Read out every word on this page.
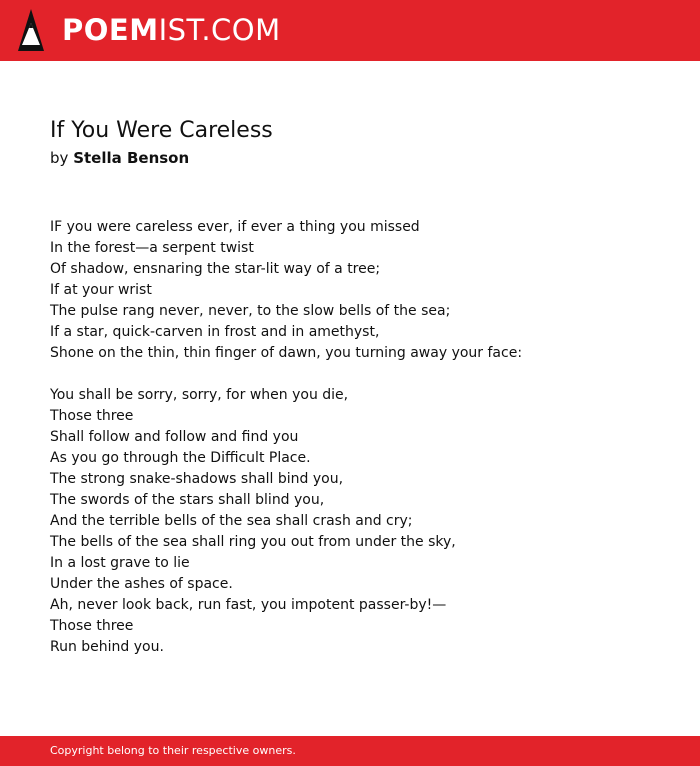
POEMIST.COM
If You Were Careless

by Stella Benson

IF you were careless ever, if ever a thing you missed
In the forest—a serpent twist
Of shadow, ensnaring the star-lit way of a tree;
If at your wrist
The pulse rang never, never, to the slow bells of the sea;
If a star, quick-carven in frost and in amethyst,
Shone on the thin, thin finger of dawn, you turning away your face:
You shall be sorry, sorry, for when you die,
Those three
Shall follow and follow and find you
As you go through the Difficult Place.
The strong snake-shadows shall bind you,
The swords of the stars shall blind you,
And the terrible bells of the sea shall crash and cry;
The bells of the sea shall ring you out from under the sky,
In a lost grave to lie
Under the ashes of space.
Ah, never look back, run fast, you impotent passer-by!—
Those three
Run behind you.
Copyright belong to their respective owners.
